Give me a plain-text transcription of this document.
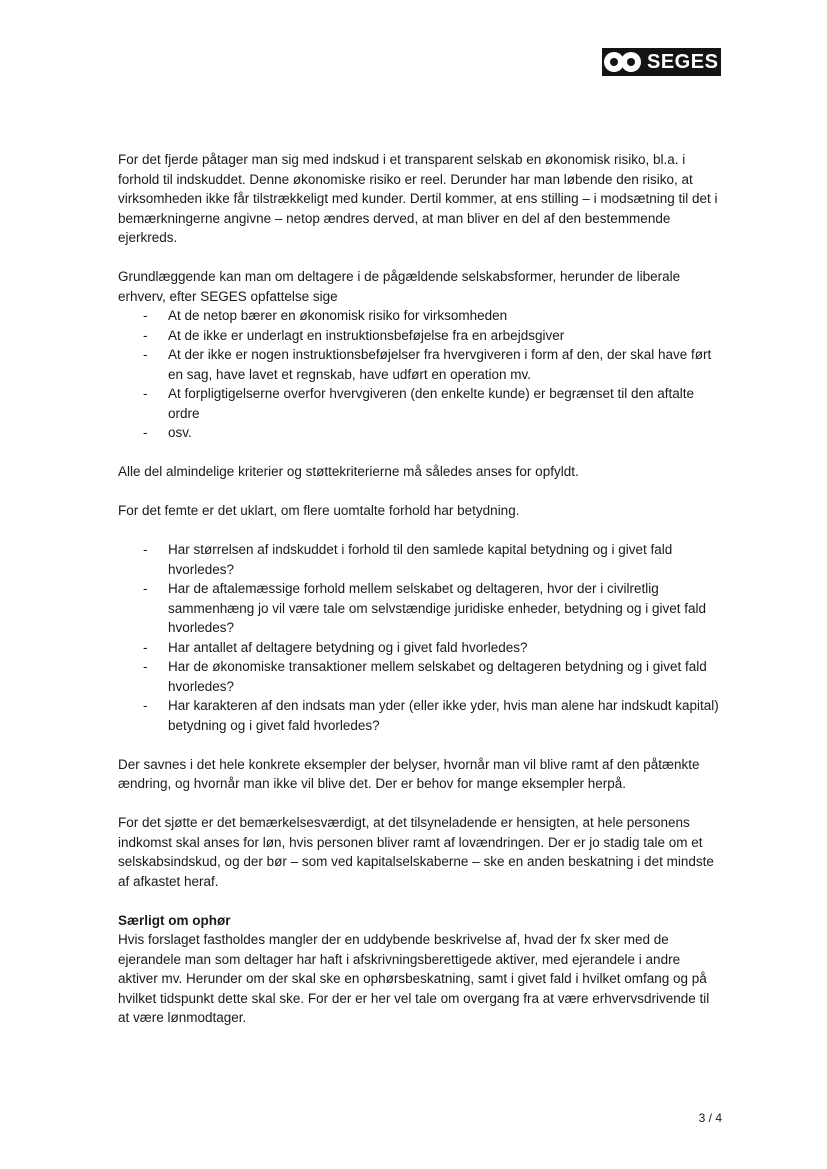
SEGES

For det fjerde påtager man sig med indskud i et transparent selskab en økonomisk risiko, bl.a. i forhold til indskuddet. Denne økonomiske risiko er reel. Derunder har man løbende den risiko, at virksomheden ikke får tilstrækkeligt med kunder. Dertil kommer, at ens stilling – i modsætning til det i bemærkningerne angivne – netop ændres derved, at man bliver en del af den bestemmende ejerkreds.

Grundlæggende kan man om deltagere i de pågældende selskabsformer, herunder de liberale erhverv, efter SEGES opfattelse sige

- At de netop bærer en økonomisk risiko for virksomheden
- At de ikke er underlagt en instruktionsbeføjelse fra en arbejdsgiver
- At der ikke er nogen instruktionsbeføjelser fra hvervgiveren i form af den, der skal have ført en sag, have lavet et regnskab, have udført en operation mv.
- At forpligtigelserne overfor hvervgiveren (den enkelte kunde) er begrænset til den aftalte ordre
- osv.

Alle del almindelige kriterier og støttekriterierne må således anses for opfyldt.

For det femte er det uklart, om flere uomtalte forhold har betydning.

- Har størrelsen af indskuddet i forhold til den samlede kapital betydning og i givet fald hvorledes?
- Har de aftalemæssige forhold mellem selskabet og deltageren, hvor der i civilretlig sammenhæng jo vil være tale om selvstændige juridiske enheder, betydning og i givet fald hvorledes?
- Har antallet af deltagere betydning og i givet fald hvorledes?
- Har de økonomiske transaktioner mellem selskabet og deltageren betydning og i givet fald hvorledes?
- Har karakteren af den indsats man yder (eller ikke yder, hvis man alene har indskudt kapital) betydning og i givet fald hvorledes?

Der savnes i det hele konkrete eksempler der belyser, hvornår man vil blive ramt af den påtænkte ændring, og hvornår man ikke vil blive det. Der er behov for mange eksempler herpå.

For det sjøtte er det bemærkelsesværdigt, at det tilsyneladende er hensigten, at hele personens indkomst skal anses for løn, hvis personen bliver ramt af lovændringen. Der er jo stadig tale om et selskabsindskud, og der bør – som ved kapitalselskaberne – ske en anden beskatning i det mindste af afkastet heraf.

Særligt om ophør

Hvis forslaget fastholdes mangler der en uddybende beskrivelse af, hvad der fx sker med de ejerandele man som deltager har haft i afskrivningsberettigede aktiver, med ejerandele i andre aktiver mv. Herunder om der skal ske en ophørsbeskatning, samt i givet fald i hvilket omfang og på hvilket tidspunkt dette skal ske. For der er her vel tale om overgang fra at være erhvervsdrivende til at være lønmodtager.

3 / 4
